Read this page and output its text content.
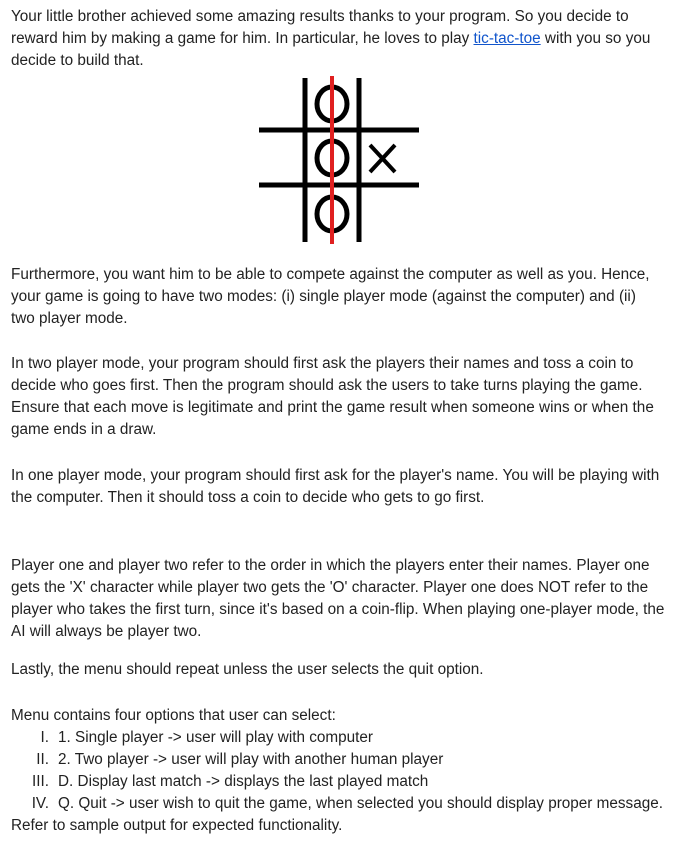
Your little brother achieved some amazing results thanks to your program. So you decide to reward him by making a game for him. In particular, he loves to play tic-tac-toe with you so you decide to build that.

Furthermore, you want him to be able to compete against the computer as well as you. Hence, your game is going to have two modes: (i) single player mode (against the computer) and (ii) two player mode.

In two player mode, your program should first ask the players their names and toss a coin to decide who goes first. Then the program should ask the users to take turns playing the game. Ensure that each move is legitimate and print the game result when someone wins or when the game ends in a draw.

In one player mode, your program should first ask for the player's name. You will be playing with the computer. Then it should toss a coin to decide who gets to go first.

Player one and player two refer to the order in which the players enter their names. Player one gets the 'X' character while player two gets the 'O' character. Player one does NOT refer to the player who takes the first turn, since it's based on a coin-flip. When playing one-player mode, the AI will always be player two.

Lastly, the menu should repeat unless the user selects the quit option.

Menu contains four options that user can select:

I. 1. Single player -> user will play with computer
II. 2. Two player -> user will play with another human player
III. D. Display last match -> displays the last played match
IV. Q. Quit -> user wish to quit the game, when selected you should display proper message.

Refer to sample output for expected functionality.
